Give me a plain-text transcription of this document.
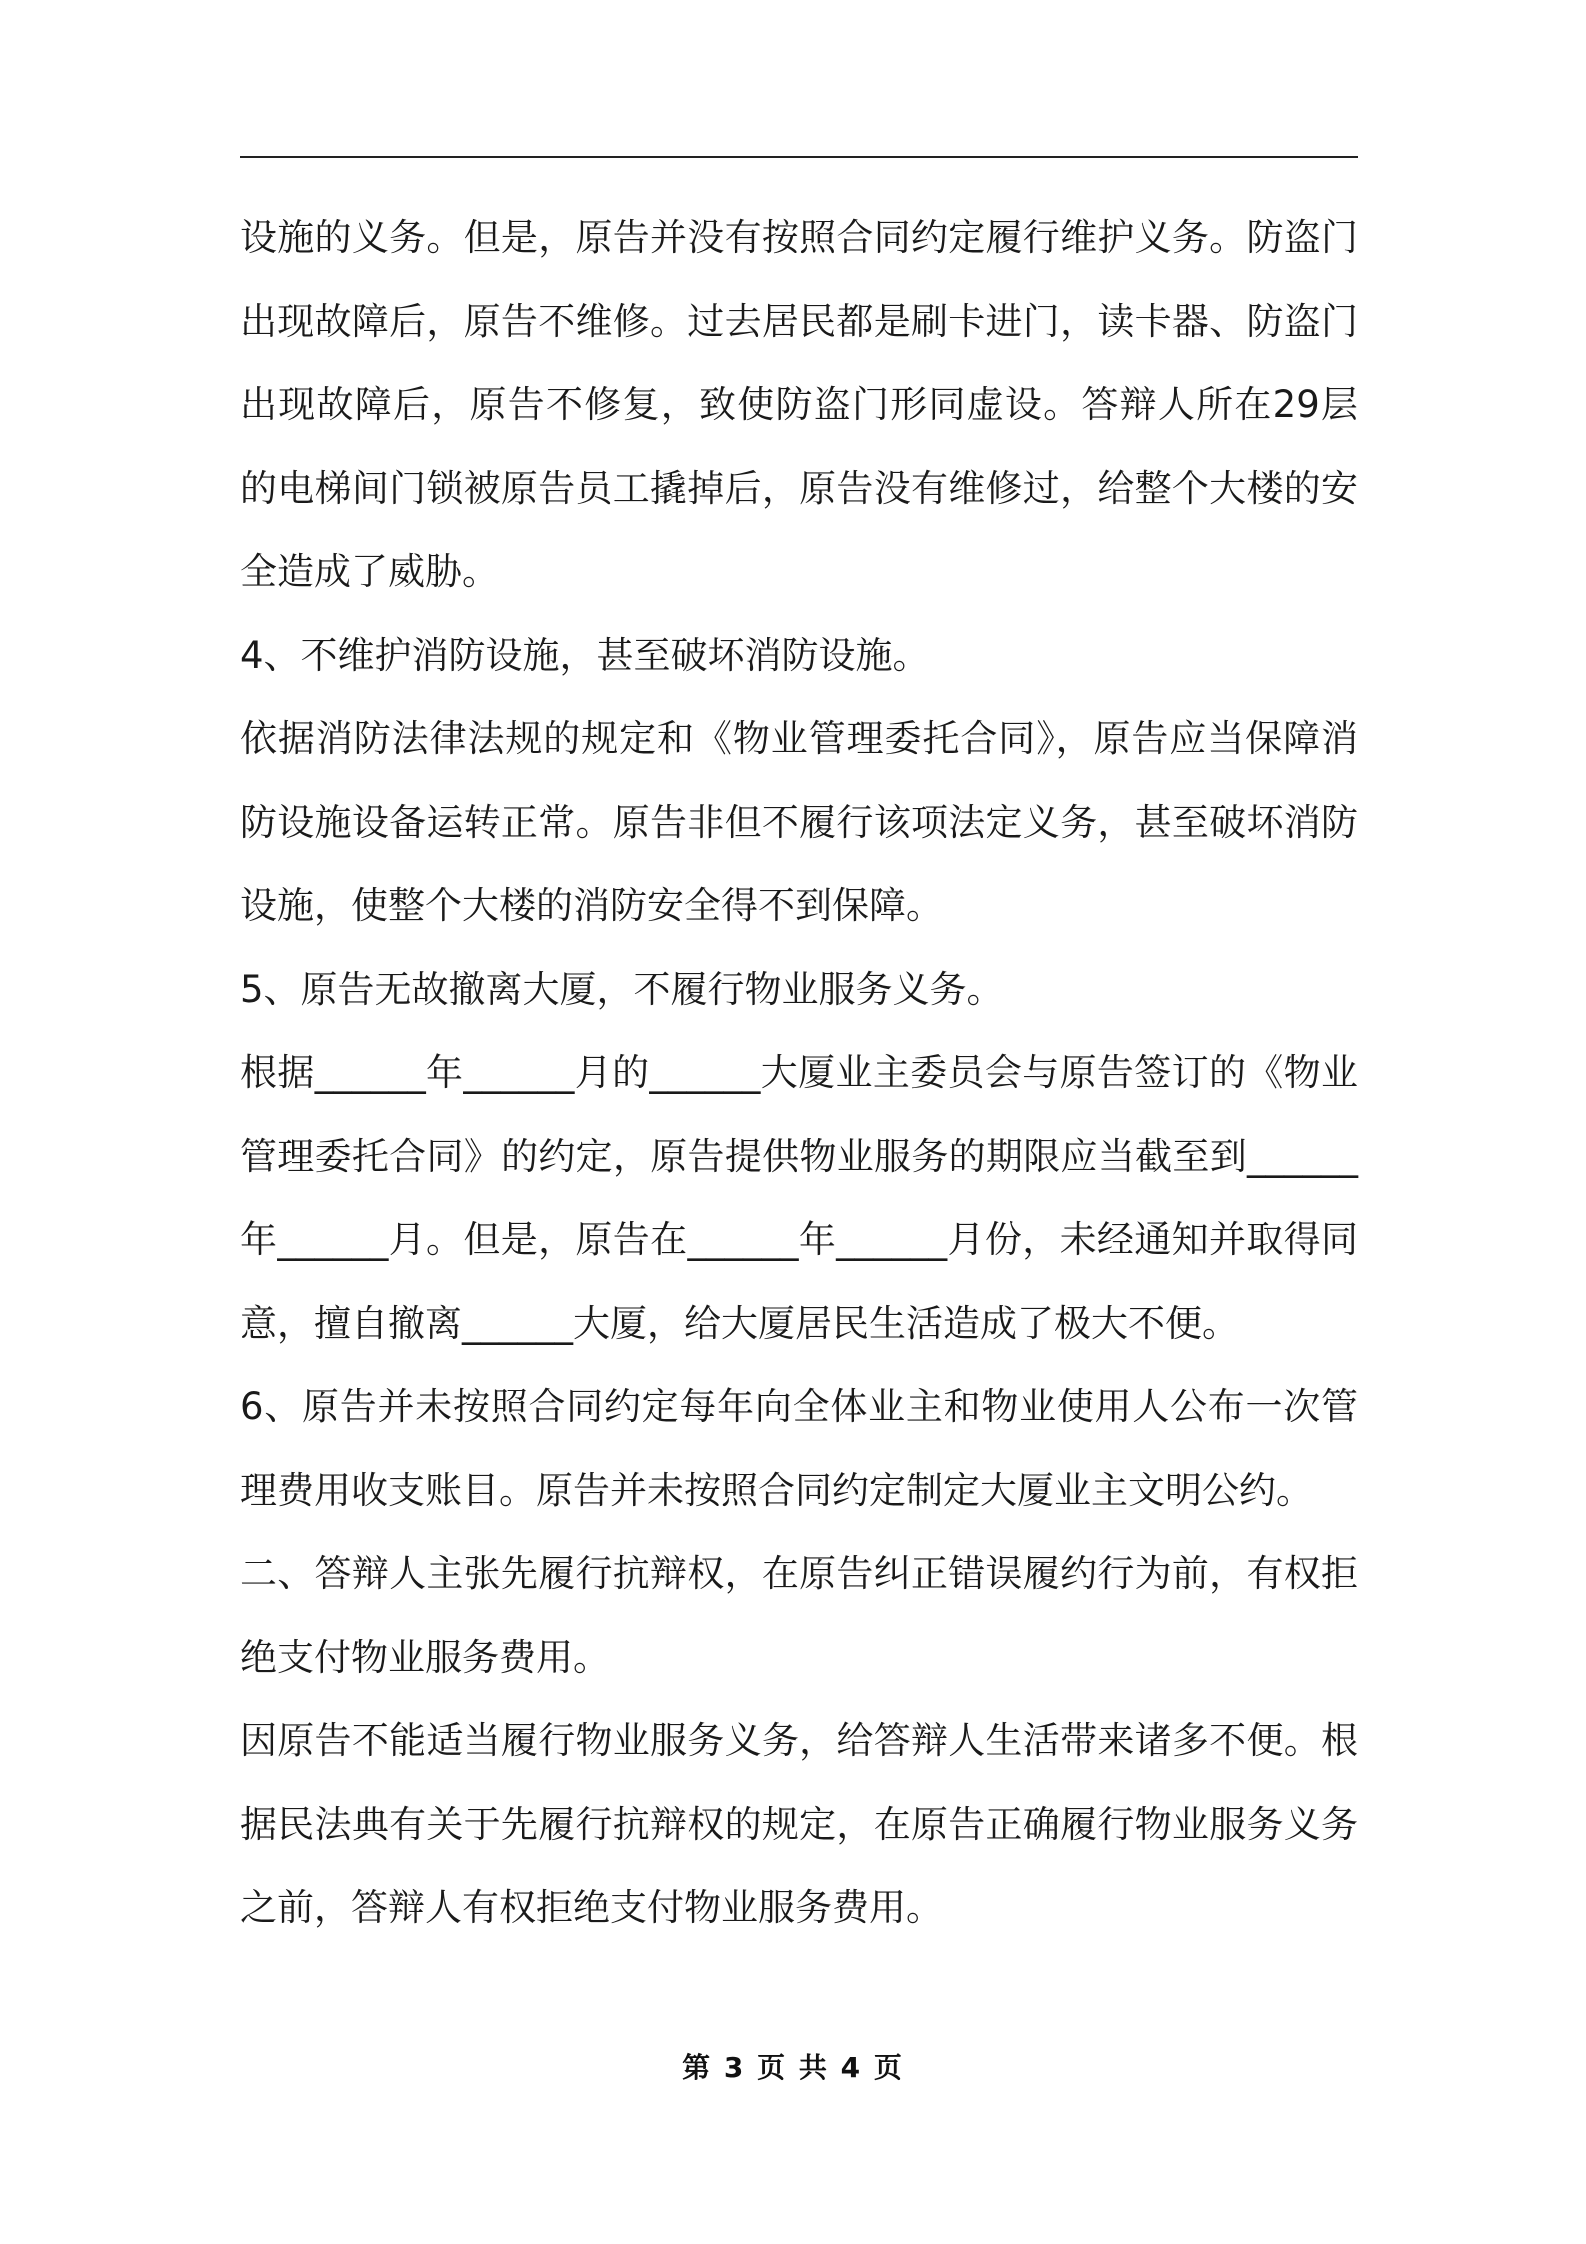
设施的义务。但是，原告并没有按照合同约定履行维护义务。防盗门出现故障后，原告不维修。过去居民都是刷卡进门，读卡器、防盗门出现故障后，原告不修复，致使防盗门形同虚设。答辩人所在29层的电梯间门锁被原告员工撬掉后，原告没有维修过，给整个大楼的安全造成了威胁。

4、不维护消防设施，甚至破坏消防设施。

依据消防法律法规的规定和《物业管理委托合同》，原告应当保障消防设施设备运转正常。原告非但不履行该项法定义务，甚至破坏消防设施，使整个大楼的消防安全得不到保障。

5、原告无故撤离大厦，不履行物业服务义务。

根据______年______月的______大厦业主委员会与原告签订的《物业管理委托合同》的约定，原告提供物业服务的期限应当截至到______年______月。但是，原告在______年______月份，未经通知并取得同意，擅自撤离______大厦，给大厦居民生活造成了极大不便。

6、原告并未按照合同约定每年向全体业主和物业使用人公布一次管理费用收支账目。原告并未按照合同约定制定大厦业主文明公约。

二、答辩人主张先履行抗辩权，在原告纠正错误履约行为前，有权拒绝支付物业服务费用。

因原告不能适当履行物业服务义务，给答辩人生活带来诸多不便。根据民法典有关于先履行抗辩权的规定，在原告正确履行物业服务义务之前，答辩人有权拒绝支付物业服务费用。

第 3 页 共 4 页
